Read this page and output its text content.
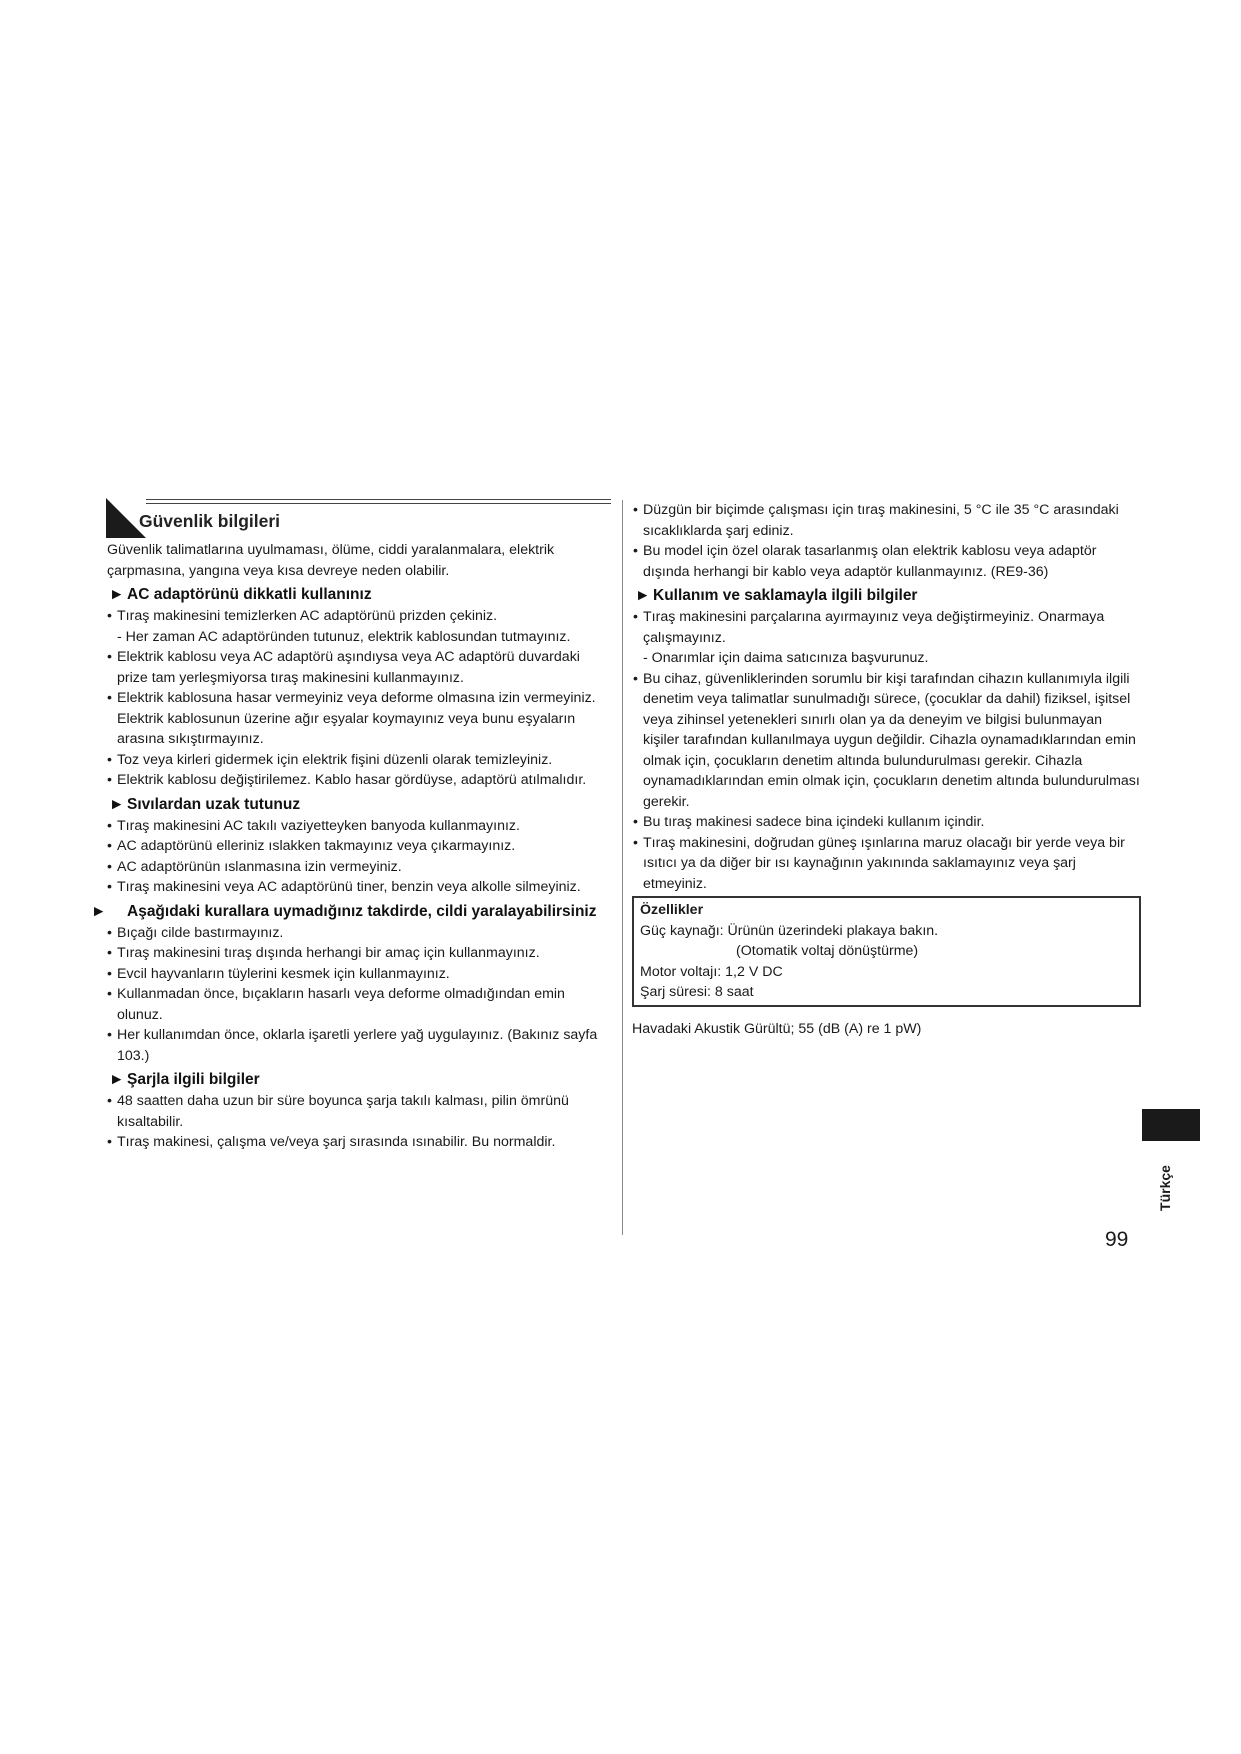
Güvenlik bilgileri
Güvenlik talimatlarına uyulmaması, ölüme, ciddi yaralanmalara, elektrik çarpmasına, yangına veya kısa devreye neden olabilir.
► AC adaptörünü dikkatli kullanınız
• Tıraş makinesini temizlerken AC adaptörünü prizden çekiniz.
- Her zaman AC adaptöründen tutunuz, elektrik kablosundan tutmayınız.
• Elektrik kablosu veya AC adaptörü aşındıysa veya AC adaptörü duvardaki prize tam yerleşmiyorsa tıraş makinesini kullanmayınız.
• Elektrik kablosuna hasar vermeyiniz veya deforme olmasına izin vermeyiniz. Elektrik kablosunun üzerine ağır eşyalar koymayınız veya bunu eşyaların arasına sıkıştırmayınız.
• Toz veya kirleri gidermek için elektrik fişini düzenli olarak temizleyiniz.
• Elektrik kablosu değiştirilemez. Kablo hasar gördüyse, adaptörü atılmalıdır.
► Sıvılardan uzak tutunuz
• Tıraş makinesini AC takılı vaziyetteyken banyoda kullanmayınız.
• AC adaptörünü elleriniz ıslakken takmayınız veya çıkarmayınız.
• AC adaptörünün ıslanmasına izin vermeyiniz.
• Tıraş makinesini veya AC adaptörünü tiner, benzin veya alkolle silmeyiniz.
► Aşağıdaki kurallara uymadığınız takdirde, cildi yaralayabilirsiniz
• Bıçağı cilde bastırmayınız.
• Tıraş makinesini tıraş dışında herhangi bir amaç için kullanmayınız.
• Evcil hayvanların tüylerini kesmek için kullanmayınız.
• Kullanmadan önce, bıçakların hasarlı veya deforme olmadığından emin olunuz.
• Her kullanımdan önce, oklarla işaretli yerlere yağ uygulayınız. (Bakınız sayfa 103.)
► Şarjla ilgili bilgiler
• 48 saatten daha uzun bir süre boyunca şarja takılı kalması, pilin ömrünü kısaltabilir.
• Tıraş makinesi, çalışma ve/veya şarj sırasında ısınabilir. Bu normaldir.
• Düzgün bir biçimde çalışması için tıraş makinesini, 5 °C ile 35 °C arasındaki sıcaklıklarda şarj ediniz.
• Bu model için özel olarak tasarlanmış olan elektrik kablosu veya adaptör dışında herhangi bir kablo veya adaptör kullanmayınız. (RE9-36)
► Kullanım ve saklamayla ilgili bilgiler
• Tıraş makinesini parçalarına ayırmayınız veya değiştirmeyiniz. Onarmaya çalışmayınız.
- Onarımlar için daima satıcınıza başvurunuz.
• Bu cihaz, güvenliklerinden sorumlu bir kişi tarafından cihazın kullanımıyla ilgili denetim veya talimatlar sunulmadığı sürece, (çocuklar da dahil) fiziksel, işitsel veya zihinsel yetenekleri sınırlı olan ya da deneyim ve bilgisi bulunmayan kişiler tarafından kullanılmaya uygun değildir. Cihazla oynamadıklarından emin olmak için, çocukların denetim altında bulundurulması gerekir. Cihazla oynamadıklarından emin olmak için, çocukların denetim altında bulundurulması gerekir.
• Bu tıraş makinesi sadece bina içindeki kullanım içindir.
• Tıraş makinesini, doğrudan güneş ışınlarına maruz olacağı bir yerde veya bir ısıtıcı ya da diğer bir ısı kaynağının yakınında saklamayınız veya şarj etmeyiniz.
Özellikler
Güç kaynağı: Ürünün üzerindeki plakaya bakın.
(Otomatik voltaj dönüştürme)
Motor voltajı: 1,2 V DC
Şarj süresi: 8 saat
Havadaki Akustik Gürültü; 55 (dB (A) re 1 pW)
Türkçe
99
